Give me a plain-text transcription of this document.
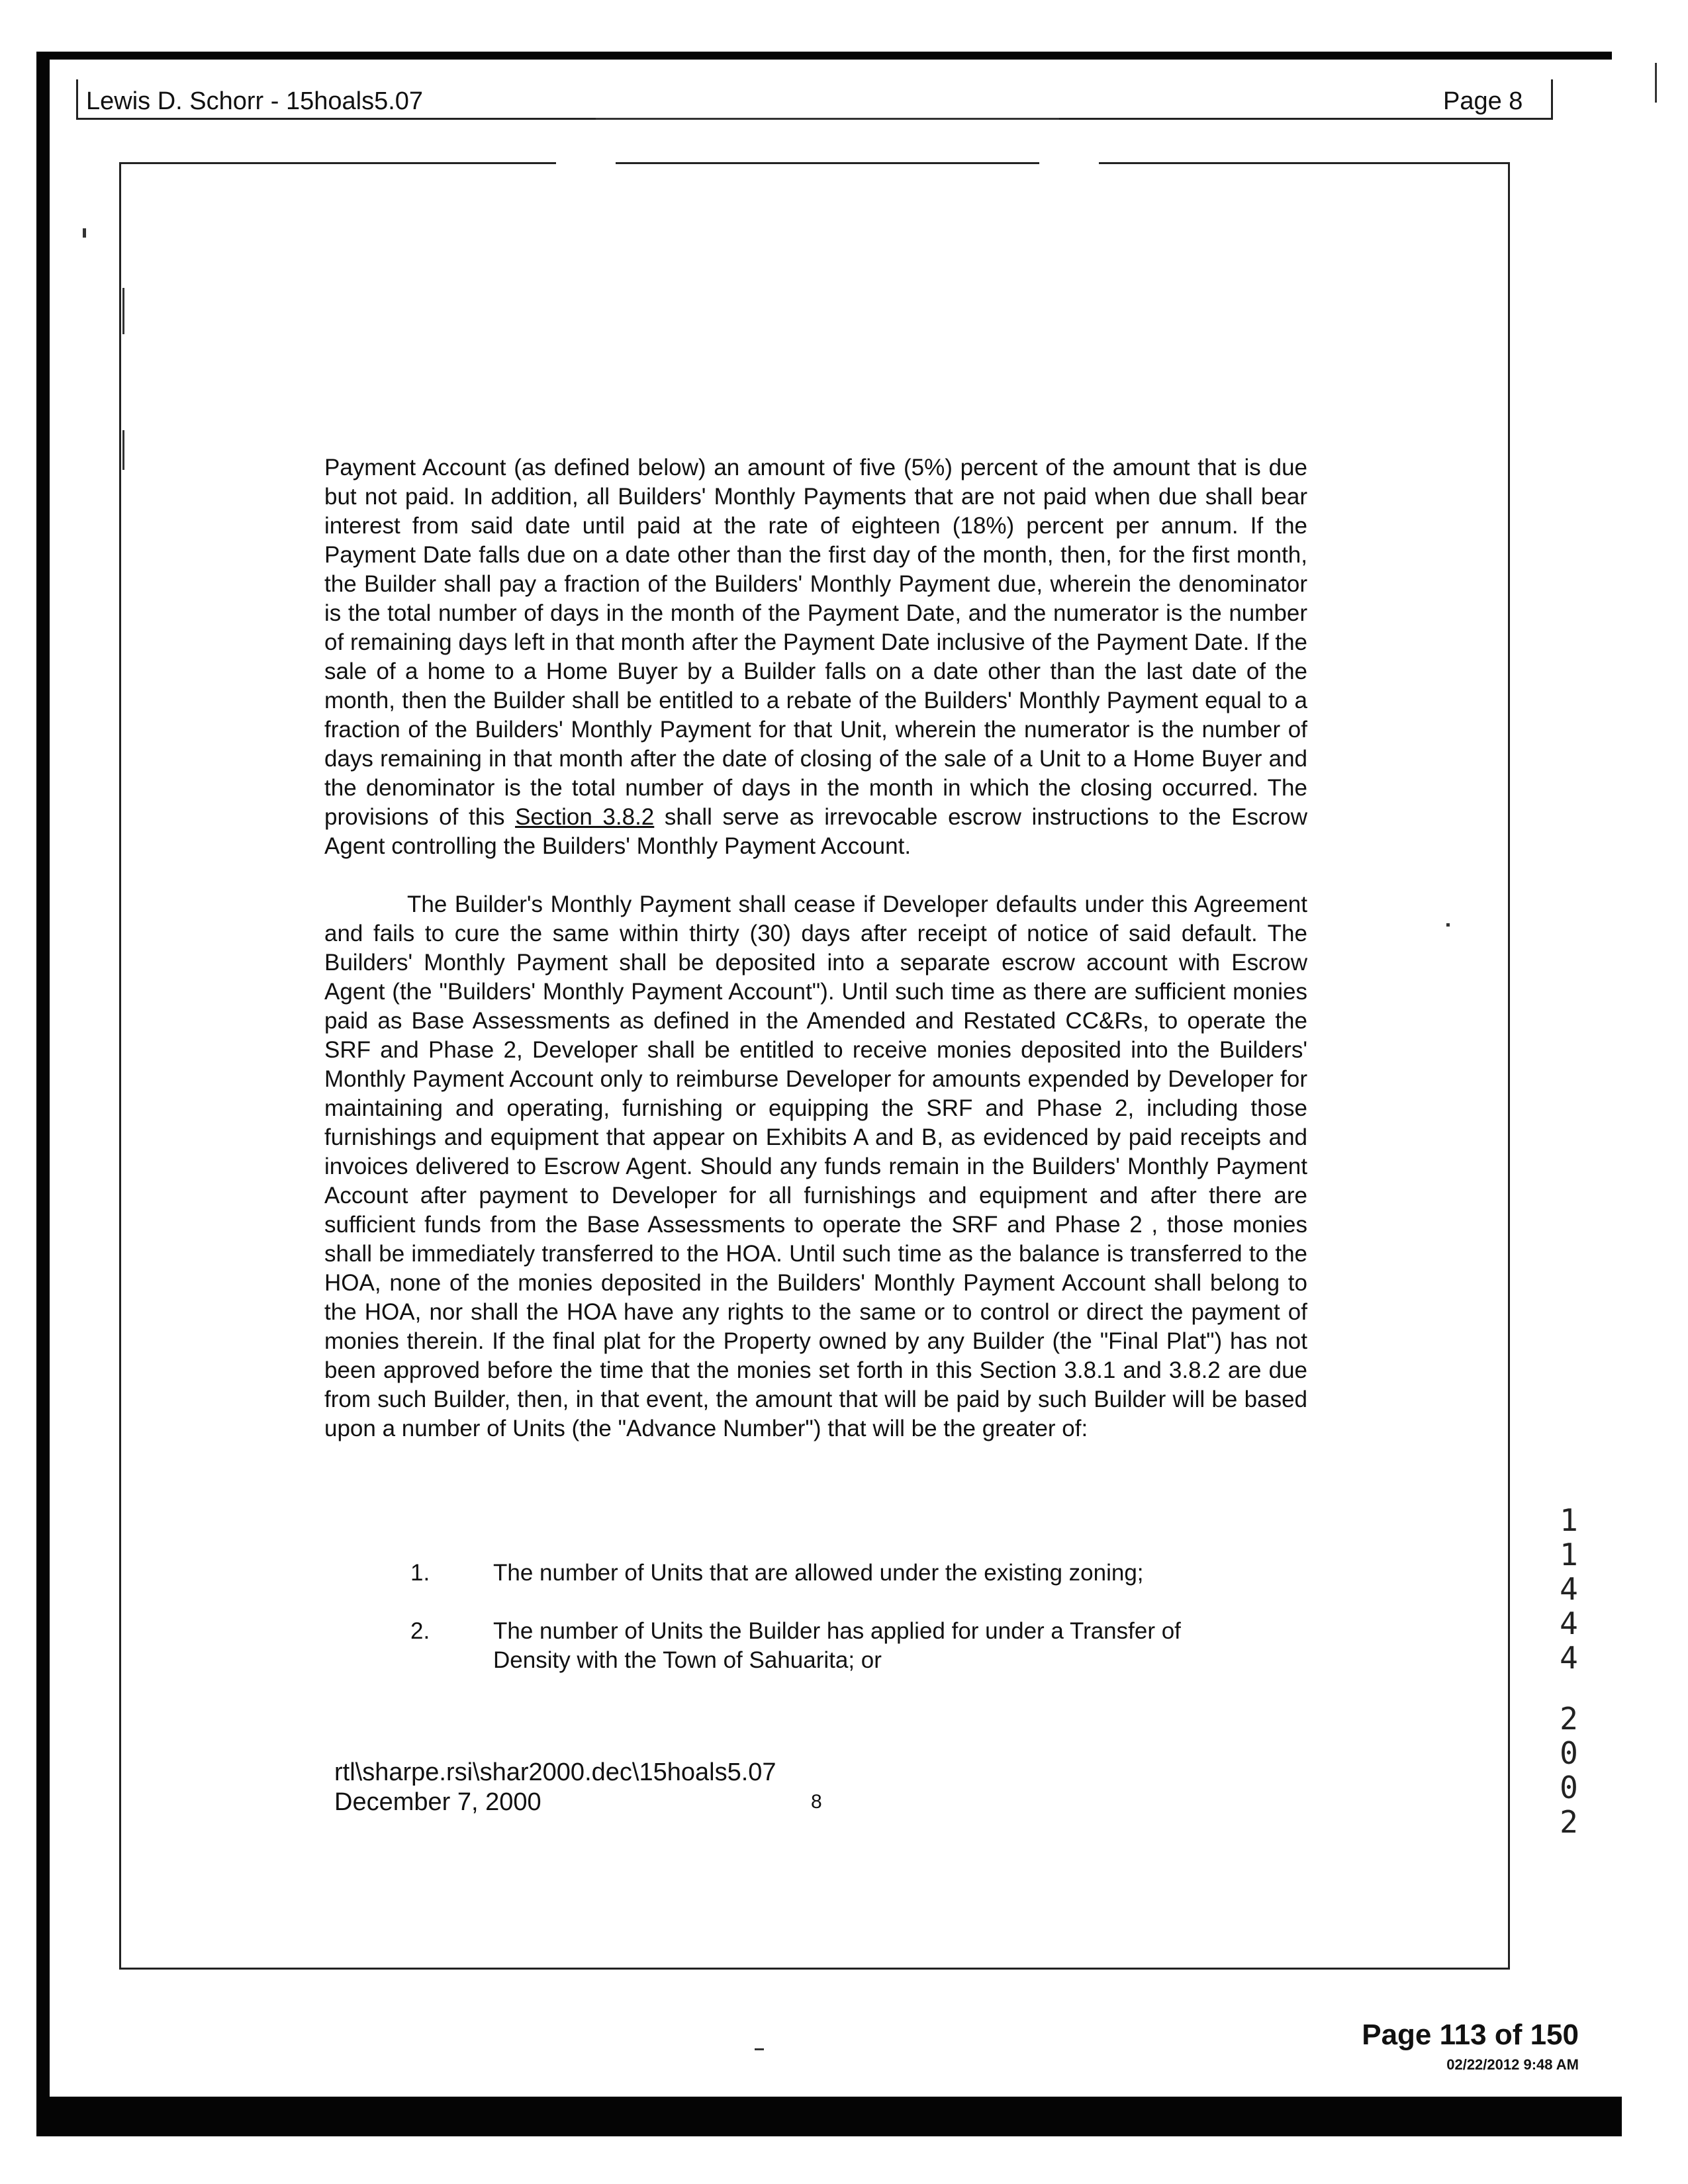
Lewis D. Schorr - 15hoals5.07	Page 8

Payment Account (as defined below) an amount of five (5%) percent of the amount that is due but not paid. In addition, all Builders' Monthly Payments that are not paid when due shall bear interest from said date until paid at the rate of eighteen (18%) percent per annum. If the Payment Date falls due on a date other than the first day of the month, then, for the first month, the Builder shall pay a fraction of the Builders' Monthly Payment due, wherein the denominator is the total number of days in the month of the Payment Date, and the numerator is the number of remaining days left in that month after the Payment Date inclusive of the Payment Date. If the sale of a home to a Home Buyer by a Builder falls on a date other than the last date of the month, then the Builder shall be entitled to a rebate of the Builders' Monthly Payment equal to a fraction of the Builders' Monthly Payment for that Unit, wherein the numerator is the number of days remaining in that month after the date of closing of the sale of a Unit to a Home Buyer and the denominator is the total number of days in the month in which the closing occurred. The provisions of this Section 3.8.2 shall serve as irrevocable escrow instructions to the Escrow Agent controlling the Builders' Monthly Payment Account.

The Builder's Monthly Payment shall cease if Developer defaults under this Agreement and fails to cure the same within thirty (30) days after receipt of notice of said default. The Builders' Monthly Payment shall be deposited into a separate escrow account with Escrow Agent (the "Builders' Monthly Payment Account"). Until such time as there are sufficient monies paid as Base Assessments as defined in the Amended and Restated CC&Rs, to operate the SRF and Phase 2, Developer shall be entitled to receive monies deposited into the Builders' Monthly Payment Account only to reimburse Developer for amounts expended by Developer for maintaining and operating, furnishing or equipping the SRF and Phase 2, including those furnishings and equipment that appear on Exhibits A and B, as evidenced by paid receipts and invoices delivered to Escrow Agent. Should any funds remain in the Builders' Monthly Payment Account after payment to Developer for all furnishings and equipment and after there are sufficient funds from the Base Assessments to operate the SRF and Phase 2 , those monies shall be immediately transferred to the HOA. Until such time as the balance is transferred to the HOA, none of the monies deposited in the Builders' Monthly Payment Account shall belong to the HOA, nor shall the HOA have any rights to the same or to control or direct the payment of monies therein. If the final plat for the Property owned by any Builder (the "Final Plat") has not been approved before the time that the monies set forth in this Section 3.8.1 and 3.8.2 are due from such Builder, then, in that event, the amount that will be paid by such Builder will be based upon a number of Units (the "Advance Number") that will be the greater of:

1.	The number of Units that are allowed under the existing zoning;
2.	The number of Units the Builder has applied for under a Transfer of Density with the Town of Sahuarita; or
rtl\sharpe.rsi\shar2000.dec\15hoals5.07
December 7, 2000	8
1
1
4
4
4
2
0
0
2
Page 113 of 150
02/22/2012 9:48 AM
